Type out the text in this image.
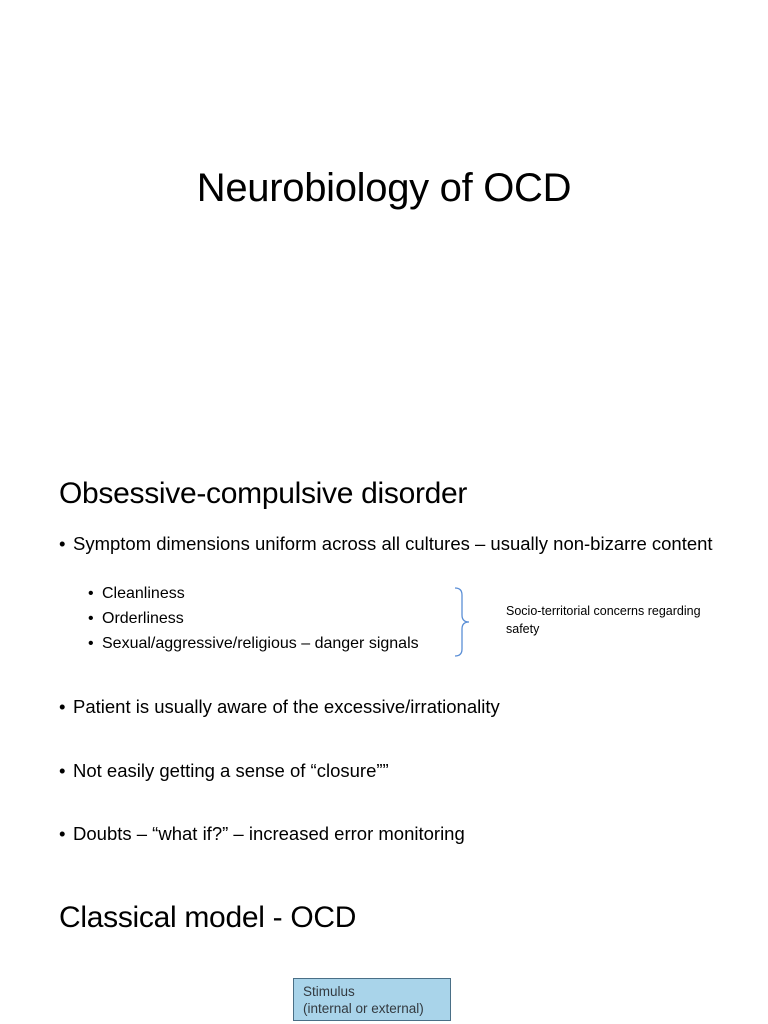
Neurobiology of OCD
Obsessive-compulsive disorder
• Symptom dimensions uniform across all cultures – usually non-bizarre content
• Cleanliness
• Orderliness
• Sexual/aggressive/religious – danger signals
Socio-territorial concerns regarding safety
• Patient is usually aware of the excessive/irrationality
• Not easily getting a sense of “closure””
• Doubts – “what if?” – increased error monitoring
Classical model - OCD
Stimulus
(internal or external)
